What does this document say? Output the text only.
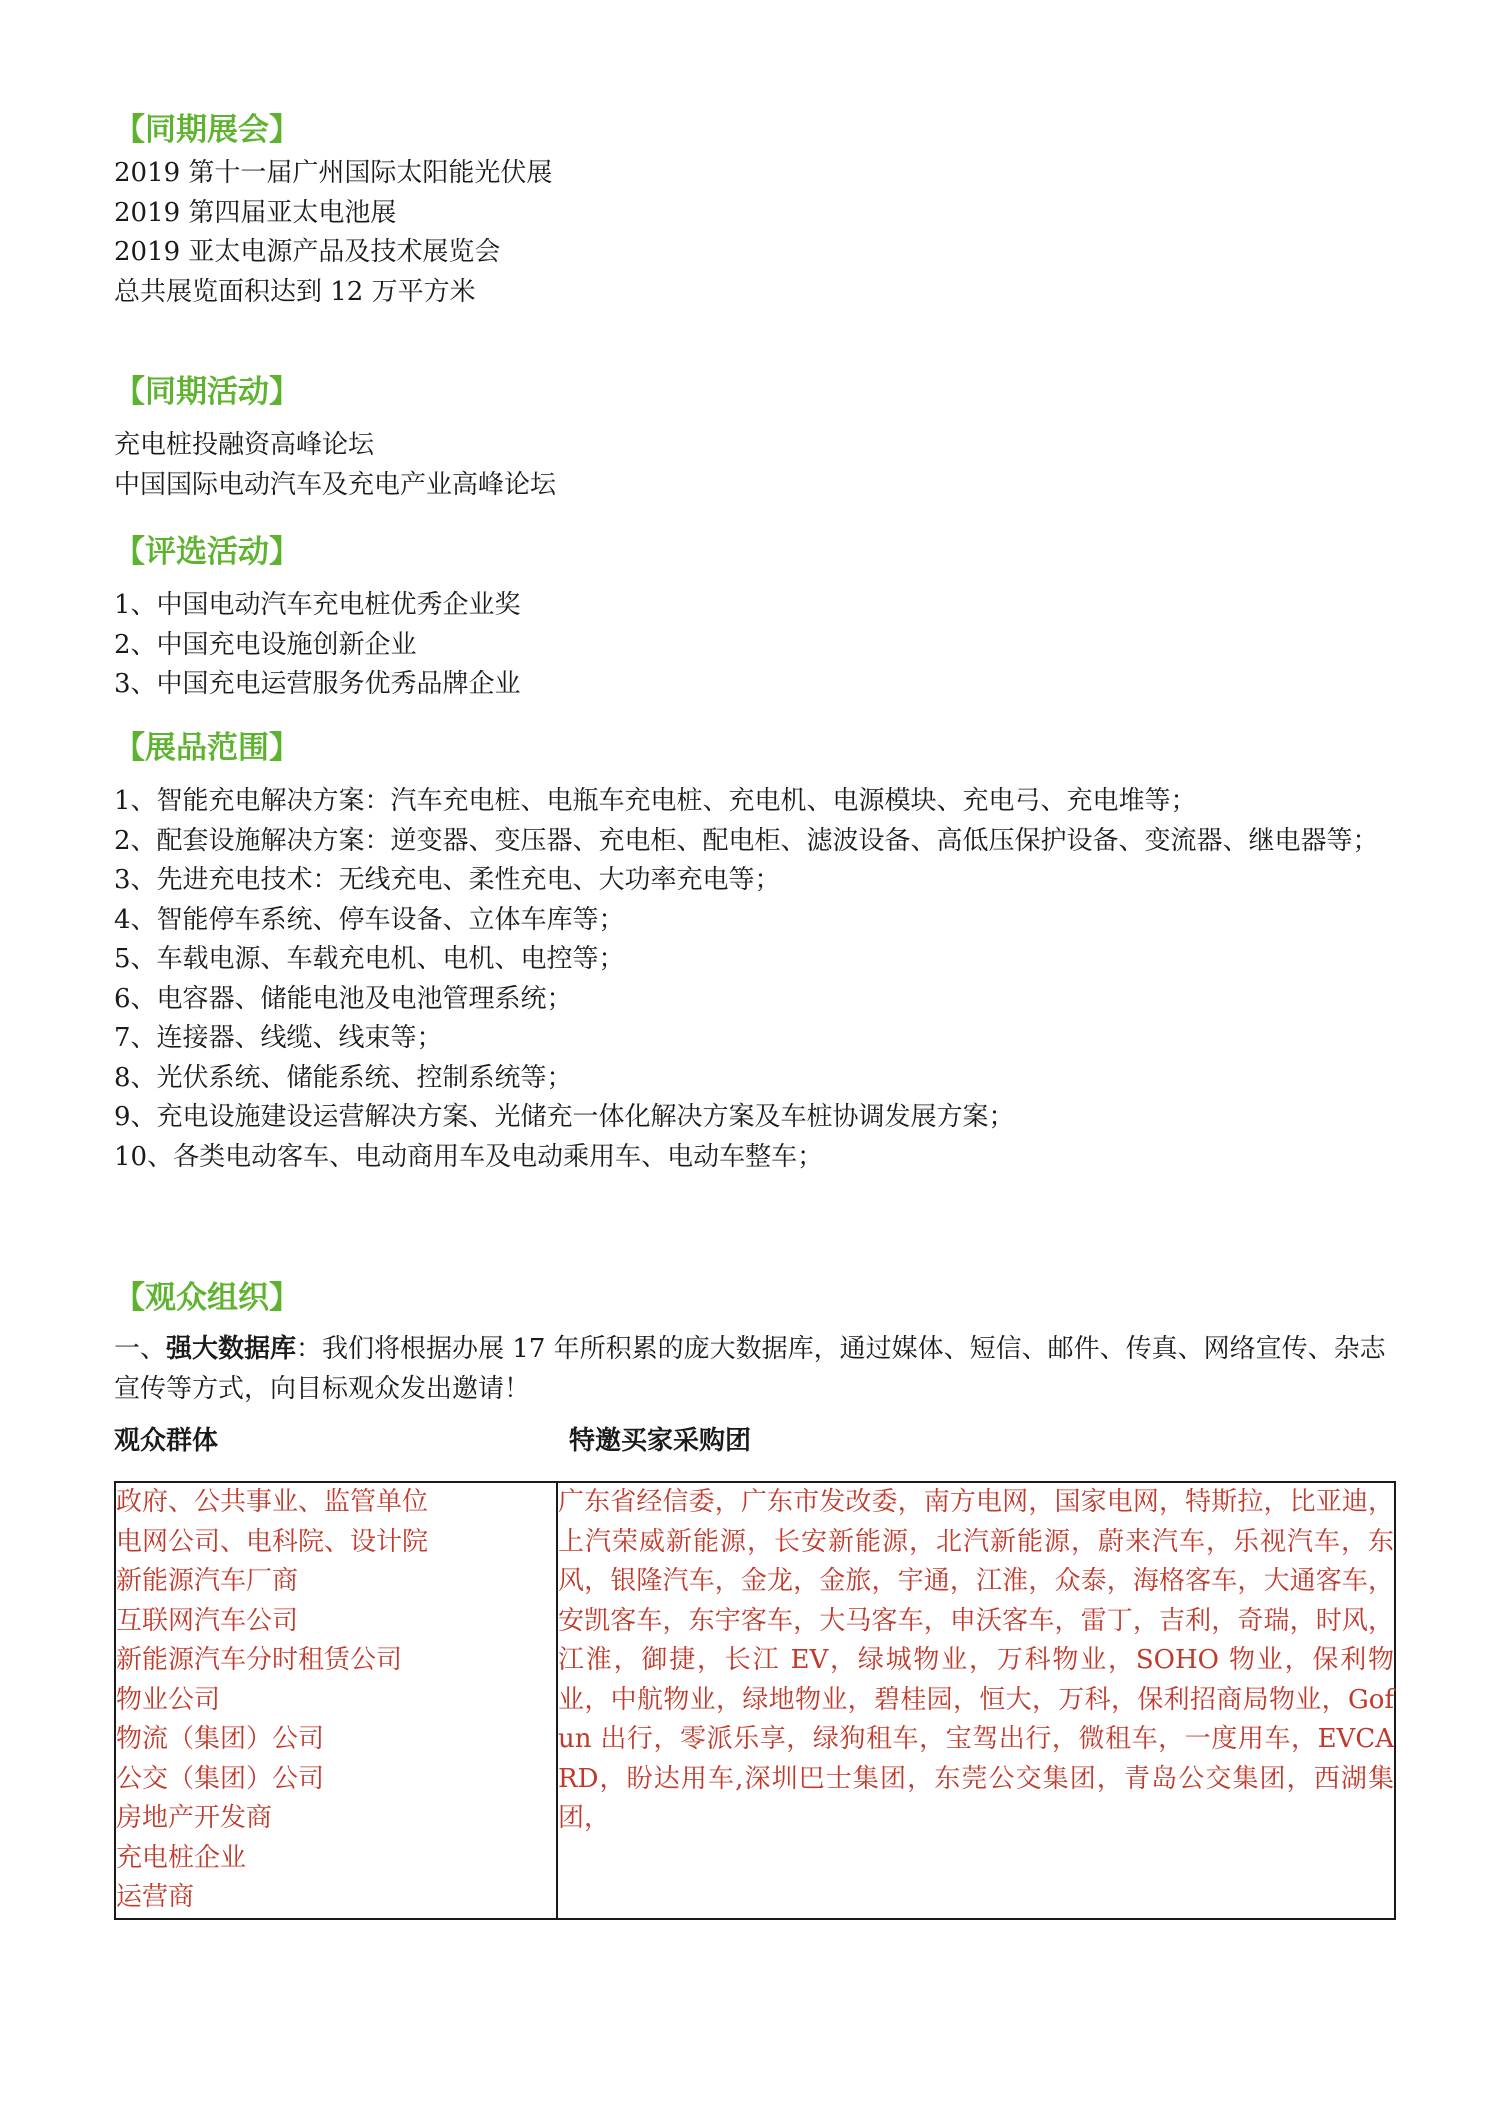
【同期展会】

2019 第十一届广州国际太阳能光伏展

2019 第四届亚太电池展

2019 亚太电源产品及技术展览会

总共展览面积达到 12 万平方米

【同期活动】

充电桩投融资高峰论坛

中国国际电动汽车及充电产业高峰论坛

【评选活动】

1、中国电动汽车充电桩优秀企业奖

2、中国充电设施创新企业

3、中国充电运营服务优秀品牌企业

【展品范围】

1、智能充电解决方案：汽车充电桩、电瓶车充电桩、充电机、电源模块、充电弓、充电堆等；

2、配套设施解决方案：逆变器、变压器、充电柜、配电柜、滤波设备、高低压保护设备、变流器、继电器等；

3、先进充电技术：无线充电、柔性充电、大功率充电等；

4、智能停车系统、停车设备、立体车库等；

5、车载电源、车载充电机、电机、电控等；

6、电容器、储能电池及电池管理系统；

7、连接器、线缆、线束等；

8、光伏系统、储能系统、控制系统等；

9、充电设施建设运营解决方案、光储充一体化解决方案及车桩协调发展方案；

10、各类电动客车、电动商用车及电动乘用车、电动车整车；

【观众组织】

一、强大数据库：我们将根据办展 17 年所积累的庞大数据库，通过媒体、短信、邮件、传真、网络宣传、杂志宣传等方式，向目标观众发出邀请！

观众群体	特邀买家采购团
政府、公共事业、监管单位
电网公司、电科院、设计院
新能源汽车厂商
互联网汽车公司
新能源汽车分时租赁公司
物业公司
物流（集团）公司
公交（集团）公司
房地产开发商
充电桩企业
运营商
	广东省经信委，广东市发改委，南方电网，国家电网，特斯拉，比亚迪，上汽荣威新能源，长安新能源，北汽新能源，蔚来汽车，乐视汽车，东风，银隆汽车，金龙，金旅，宇通，江淮，众泰，海格客车，大通客车，安凯客车，东宇客车，大马客车，申沃客车，雷丁，吉利，奇瑞，时风，江淮，御捷，长江 EV，绿城物业，万科物业，SOHO 物业，保利物业，中航物业，绿地物业，碧桂园，恒大，万科，保利招商局物业，Gofun 出行，零派乐享，绿狗租车，宝驾出行，微租车，一度用车，EVCARD，盼达用车,深圳巴士集团，东莞公交集团，青岛公交集团，西湖集团，
